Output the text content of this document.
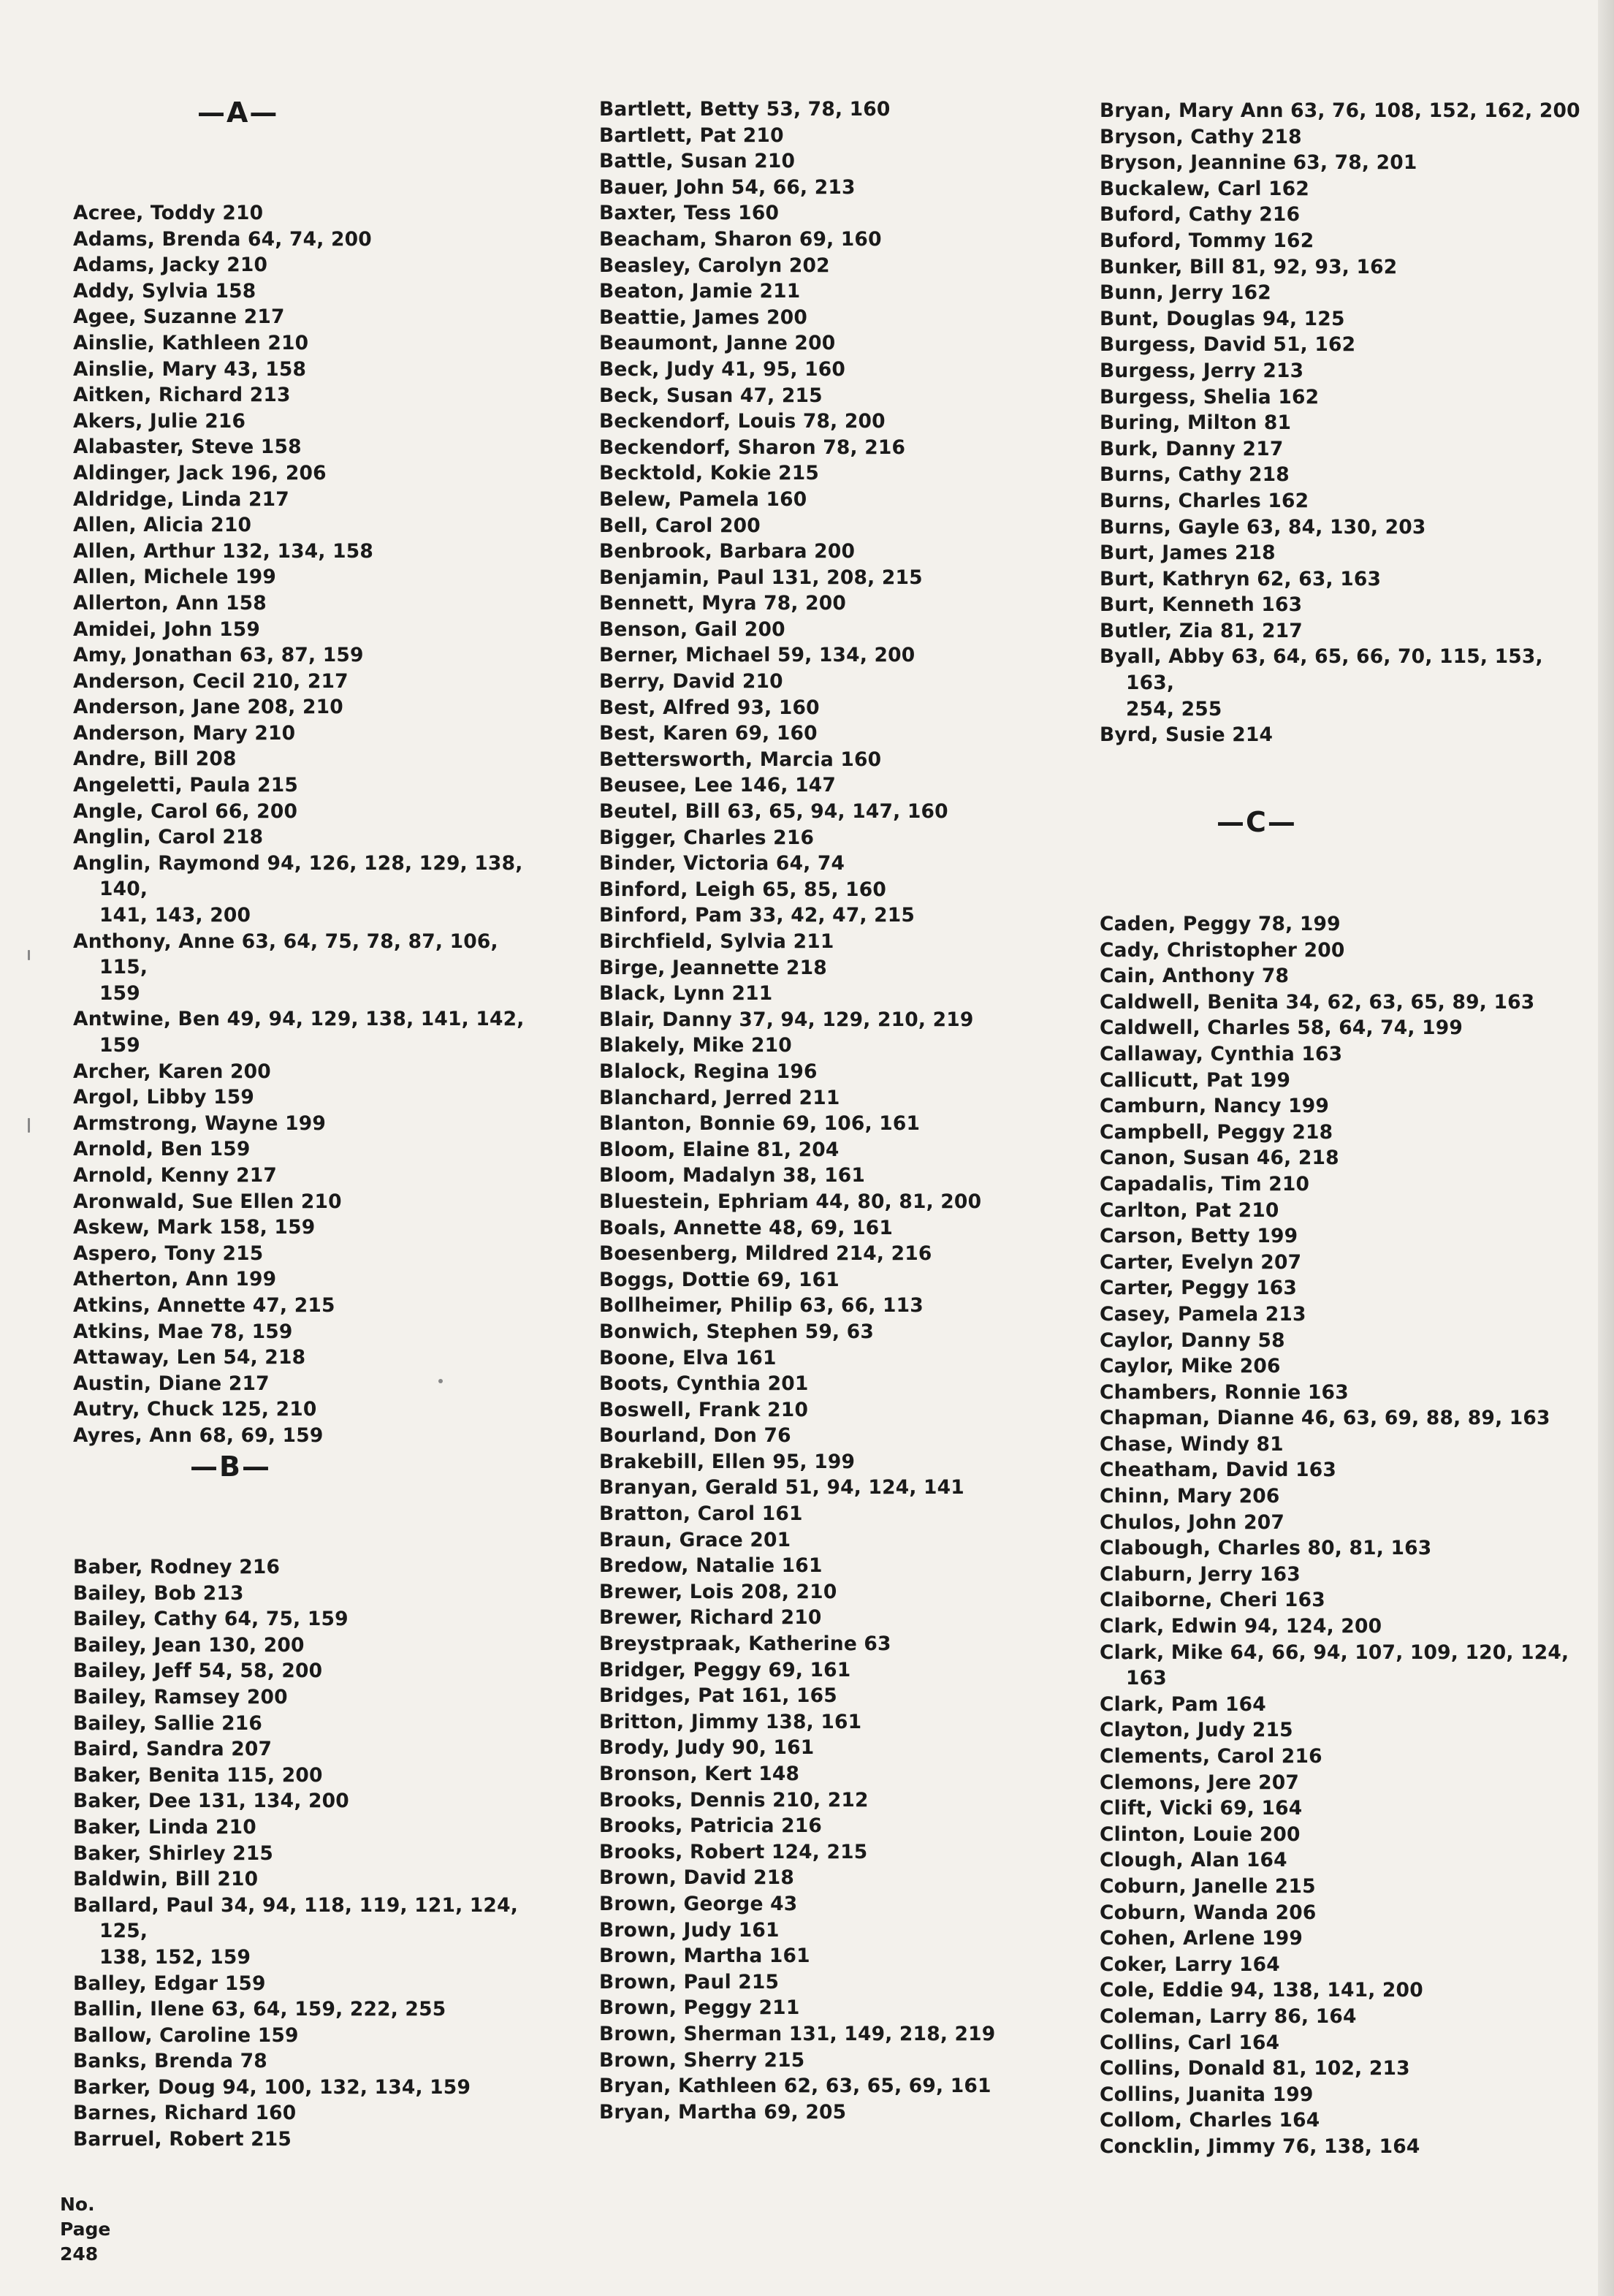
—A—
Acree, Toddy 210
Adams, Brenda 64, 74, 200
Adams, Jacky 210
Addy, Sylvia 158
Agee, Suzanne 217
Ainslie, Kathleen 210
Ainslie, Mary 43, 158
Aitken, Richard 213
Akers, Julie 216
Alabaster, Steve 158
Aldinger, Jack 196, 206
Aldridge, Linda 217
Allen, Alicia 210
Allen, Arthur 132, 134, 158
Allen, Michele 199
Allerton, Ann 158
Amidei, John 159
Amy, Jonathan 63, 87, 159
Anderson, Cecil 210, 217
Anderson, Jane 208, 210
Anderson, Mary 210
Andre, Bill 208
Angeletti, Paula 215
Angle, Carol 66, 200
Anglin, Carol 218
Anglin, Raymond 94, 126, 128, 129, 138, 140,
141, 143, 200
Anthony, Anne 63, 64, 75, 78, 87, 106, 115,
159
Antwine, Ben 49, 94, 129, 138, 141, 142, 159
Archer, Karen 200
Argol, Libby 159
Armstrong, Wayne 199
Arnold, Ben 159
Arnold, Kenny 217
Aronwald, Sue Ellen 210
Askew, Mark 158, 159
Aspero, Tony 215
Atherton, Ann 199
Atkins, Annette 47, 215
Atkins, Mae 78, 159
Attaway, Len 54, 218
Austin, Diane 217
Autry, Chuck 125, 210
Ayres, Ann 68, 69, 159
—B—
Baber, Rodney 216
Bailey, Bob 213
Bailey, Cathy 64, 75, 159
Bailey, Jean 130, 200
Bailey, Jeff 54, 58, 200
Bailey, Ramsey 200
Bailey, Sallie 216
Baird, Sandra 207
Baker, Benita 115, 200
Baker, Dee 131, 134, 200
Baker, Linda 210
Baker, Shirley 215
Baldwin, Bill 210
Ballard, Paul 34, 94, 118, 119, 121, 124, 125,
138, 152, 159
Balley, Edgar 159
Ballin, Ilene 63, 64, 159, 222, 255
Ballow, Caroline 159
Banks, Brenda 78
Barker, Doug 94, 100, 132, 134, 159
Barnes, Richard 160
Barruel, Robert 215
Bartlett, Betty 53, 78, 160
Bartlett, Pat 210
Battle, Susan 210
Bauer, John 54, 66, 213
Baxter, Tess 160
Beacham, Sharon 69, 160
Beasley, Carolyn 202
Beaton, Jamie 211
Beattie, James 200
Beaumont, Janne 200
Beck, Judy 41, 95, 160
Beck, Susan 47, 215
Beckendorf, Louis 78, 200
Beckendorf, Sharon 78, 216
Becktold, Kokie 215
Belew, Pamela 160
Bell, Carol 200
Benbrook, Barbara 200
Benjamin, Paul 131, 208, 215
Bennett, Myra 78, 200
Benson, Gail 200
Berner, Michael 59, 134, 200
Berry, David 210
Best, Alfred 93, 160
Best, Karen 69, 160
Bettersworth, Marcia 160
Beusee, Lee 146, 147
Beutel, Bill 63, 65, 94, 147, 160
Bigger, Charles 216
Binder, Victoria 64, 74
Binford, Leigh 65, 85, 160
Binford, Pam 33, 42, 47, 215
Birchfield, Sylvia 211
Birge, Jeannette 218
Black, Lynn 211
Blair, Danny 37, 94, 129, 210, 219
Blakely, Mike 210
Blalock, Regina 196
Blanchard, Jerred 211
Blanton, Bonnie 69, 106, 161
Bloom, Elaine 81, 204
Bloom, Madalyn 38, 161
Bluestein, Ephriam 44, 80, 81, 200
Boals, Annette 48, 69, 161
Boesenberg, Mildred 214, 216
Boggs, Dottie 69, 161
Bollheimer, Philip 63, 66, 113
Bonwich, Stephen 59, 63
Boone, Elva 161
Boots, Cynthia 201
Boswell, Frank 210
Bourland, Don 76
Brakebill, Ellen 95, 199
Branyan, Gerald 51, 94, 124, 141
Bratton, Carol 161
Braun, Grace 201
Bredow, Natalie 161
Brewer, Lois 208, 210
Brewer, Richard 210
Breystpraak, Katherine 63
Bridger, Peggy 69, 161
Bridges, Pat 161, 165
Britton, Jimmy 138, 161
Brody, Judy 90, 161
Bronson, Kert 148
Brooks, Dennis 210, 212
Brooks, Patricia 216
Brooks, Robert 124, 215
Brown, David 218
Brown, George 43
Brown, Judy 161
Brown, Martha 161
Brown, Paul 215
Brown, Peggy 211
Brown, Sherman 131, 149, 218, 219
Brown, Sherry 215
Bryan, Kathleen 62, 63, 65, 69, 161
Bryan, Martha 69, 205
Bryan, Mary Ann 63, 76, 108, 152, 162, 200
Bryson, Cathy 218
Bryson, Jeannine 63, 78, 201
Buckalew, Carl 162
Buford, Cathy 216
Buford, Tommy 162
Bunker, Bill 81, 92, 93, 162
Bunn, Jerry 162
Bunt, Douglas 94, 125
Burgess, David 51, 162
Burgess, Jerry 213
Burgess, Shelia 162
Buring, Milton 81
Burk, Danny 217
Burns, Cathy 218
Burns, Charles 162
Burns, Gayle 63, 84, 130, 203
Burt, James 218
Burt, Kathryn 62, 63, 163
Burt, Kenneth 163
Butler, Zia 81, 217
Byall, Abby 63, 64, 65, 66, 70, 115, 153, 163,
254, 255
Byrd, Susie 214
—C—
Caden, Peggy 78, 199
Cady, Christopher 200
Cain, Anthony 78
Caldwell, Benita 34, 62, 63, 65, 89, 163
Caldwell, Charles 58, 64, 74, 199
Callaway, Cynthia 163
Callicutt, Pat 199
Camburn, Nancy 199
Campbell, Peggy 218
Canon, Susan 46, 218
Capadalis, Tim 210
Carlton, Pat 210
Carson, Betty 199
Carter, Evelyn 207
Carter, Peggy 163
Casey, Pamela 213
Caylor, Danny 58
Caylor, Mike 206
Chambers, Ronnie 163
Chapman, Dianne 46, 63, 69, 88, 89, 163
Chase, Windy 81
Cheatham, David 163
Chinn, Mary 206
Chulos, John 207
Clabough, Charles 80, 81, 163
Claburn, Jerry 163
Claiborne, Cheri 163
Clark, Edwin 94, 124, 200
Clark, Mike 64, 66, 94, 107, 109, 120, 124, 163
Clark, Pam 164
Clayton, Judy 215
Clements, Carol 216
Clemons, Jere 207
Clift, Vicki 69, 164
Clinton, Louie 200
Clough, Alan 164
Coburn, Janelle 215
Coburn, Wanda 206
Cohen, Arlene 199
Coker, Larry 164
Cole, Eddie 94, 138, 141, 200
Coleman, Larry 86, 164
Collins, Carl 164
Collins, Donald 81, 102, 213
Collins, Juanita 199
Collom, Charles 164
Concklin, Jimmy 76, 138, 164
No.
Page
248
